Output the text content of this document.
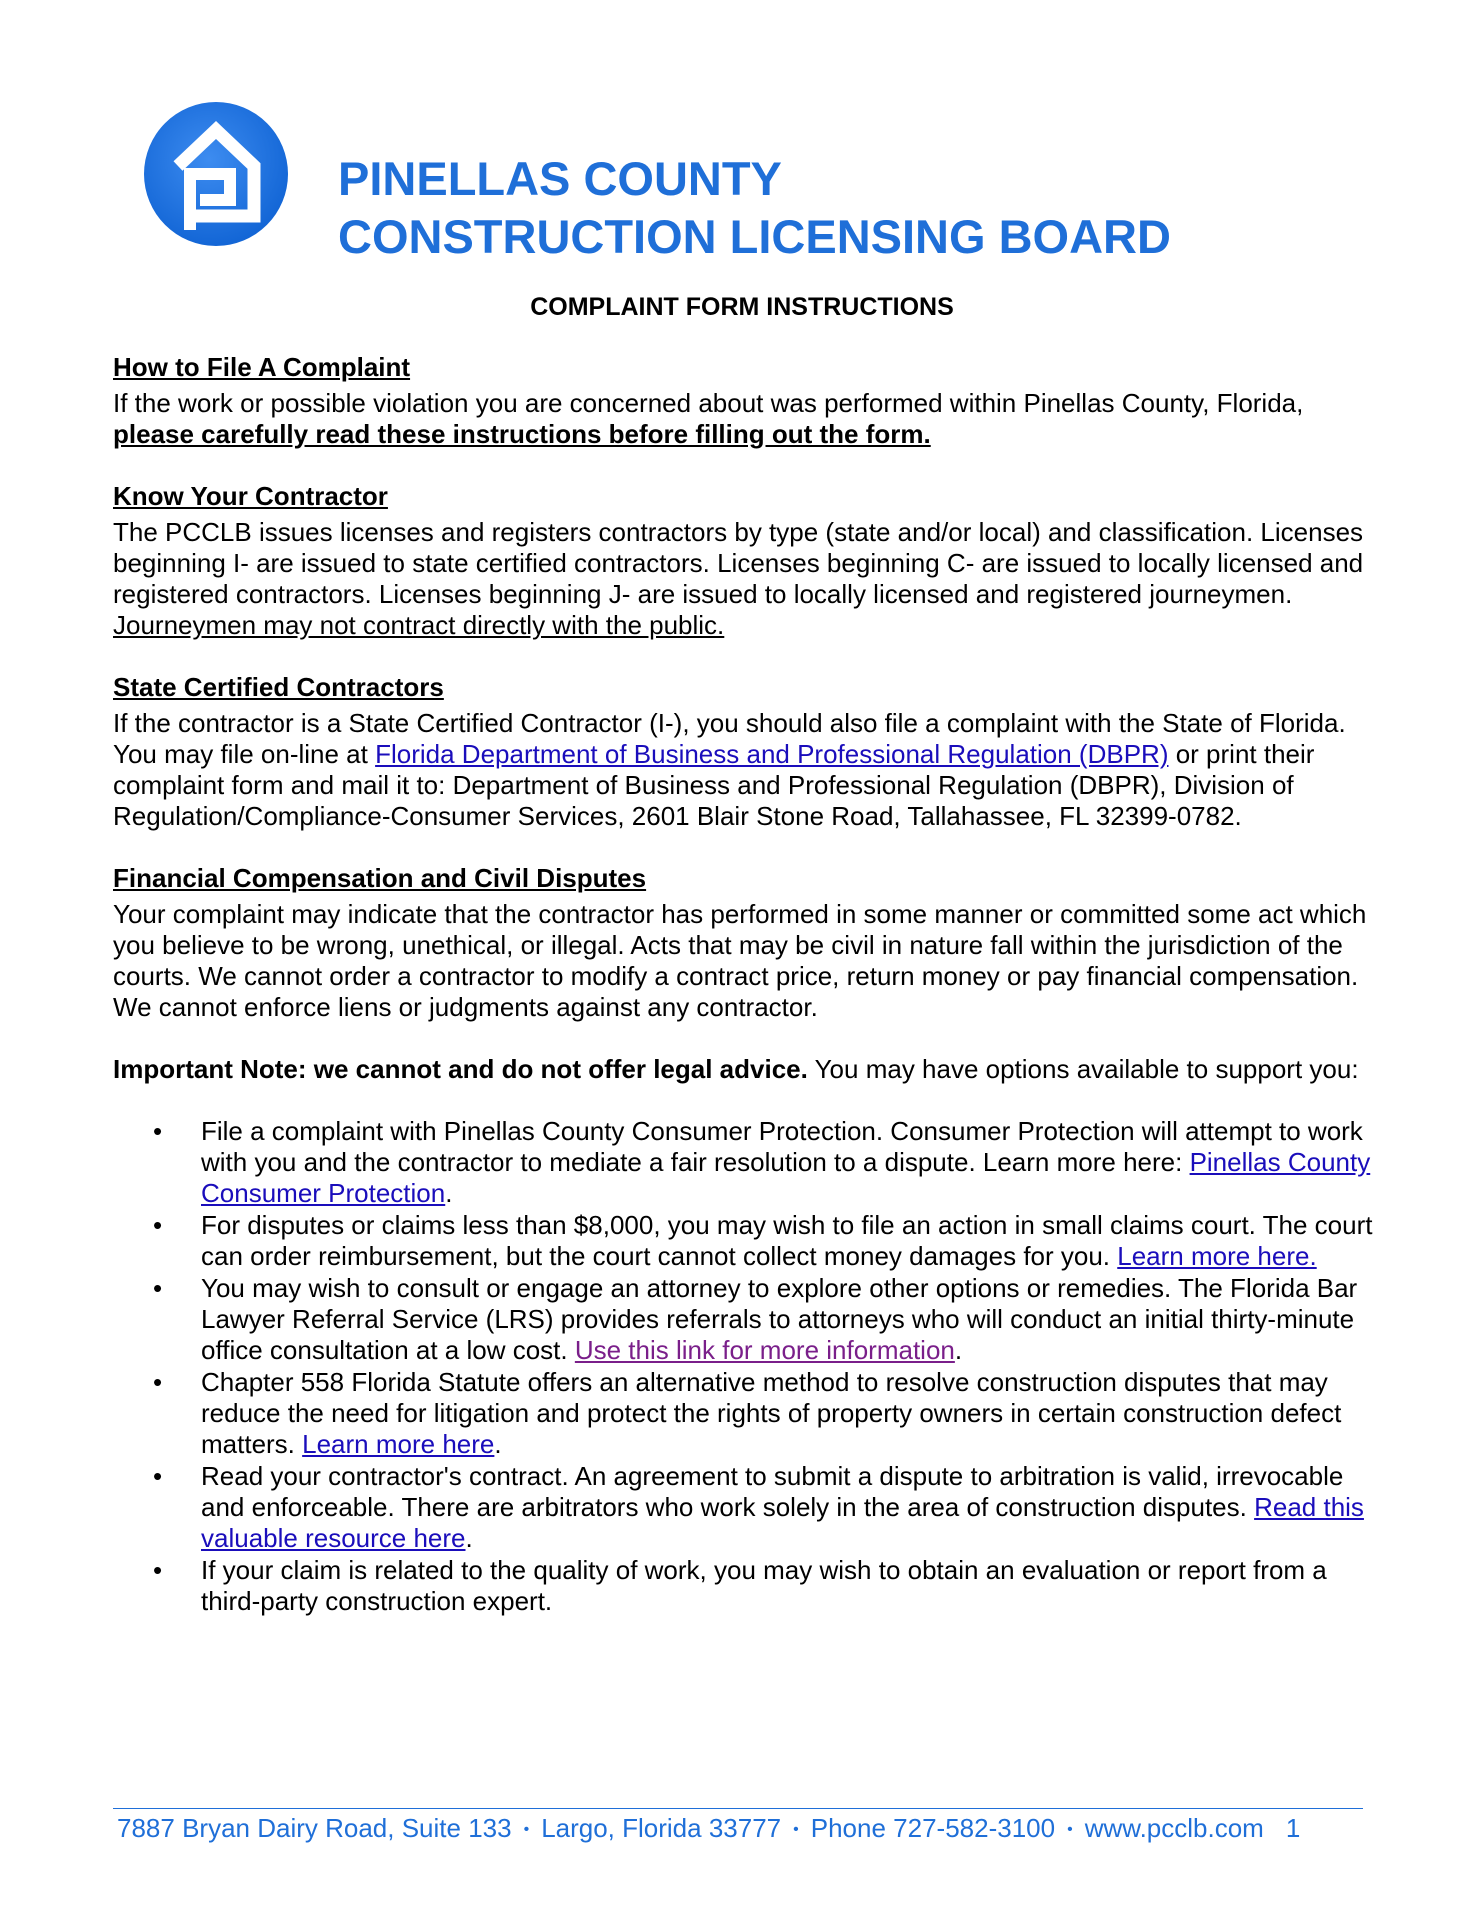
PINELLAS COUNTY
CONSTRUCTION LICENSING BOARD
COMPLAINT FORM INSTRUCTIONS
How to File A Complaint

If the work or possible violation you are concerned about was performed within Pinellas County, Florida, please carefully read these instructions before filling out the form.

Know Your Contractor

The PCCLB issues licenses and registers contractors by type (state and/or local) and classification. Licenses beginning I- are issued to state certified contractors. Licenses beginning C- are issued to locally licensed and registered contractors. Licenses beginning J- are issued to locally licensed and registered journeymen. Journeymen may not contract directly with the public.

State Certified Contractors

If the contractor is a State Certified Contractor (I-), you should also file a complaint with the State of Florida. You may file on-line at Florida Department of Business and Professional Regulation (DBPR) or print their complaint form and mail it to: Department of Business and Professional Regulation (DBPR), Division of Regulation/Compliance-Consumer Services, 2601 Blair Stone Road, Tallahassee, FL 32399-0782.

Financial Compensation and Civil Disputes

Your complaint may indicate that the contractor has performed in some manner or committed some act which you believe to be wrong, unethical, or illegal. Acts that may be civil in nature fall within the jurisdiction of the courts. We cannot order a contractor to modify a contract price, return money or pay financial compensation. We cannot enforce liens or judgments against any contractor.

Important Note: we cannot and do not offer legal advice. You may have options available to support you:

• File a complaint with Pinellas County Consumer Protection. Consumer Protection will attempt to work with you and the contractor to mediate a fair resolution to a dispute. Learn more here: Pinellas County Consumer Protection.
• For disputes or claims less than $8,000, you may wish to file an action in small claims court. The court can order reimbursement, but the court cannot collect money damages for you. Learn more here.
• You may wish to consult or engage an attorney to explore other options or remedies. The Florida Bar Lawyer Referral Service (LRS) provides referrals to attorneys who will conduct an initial thirty-minute office consultation at a low cost. Use this link for more information.
• Chapter 558 Florida Statute offers an alternative method to resolve construction disputes that may reduce the need for litigation and protect the rights of property owners in certain construction defect matters. Learn more here.
• Read your contractor's contract. An agreement to submit a dispute to arbitration is valid, irrevocable and enforceable. There are arbitrators who work solely in the area of construction disputes. Read this valuable resource here.
• If your claim is related to the quality of work, you may wish to obtain an evaluation or report from a third-party construction expert.
7887 Bryan Dairy Road, Suite 133 • Largo, Florida 33777 • Phone 727-582-3100 • www.pcclb.com 1
